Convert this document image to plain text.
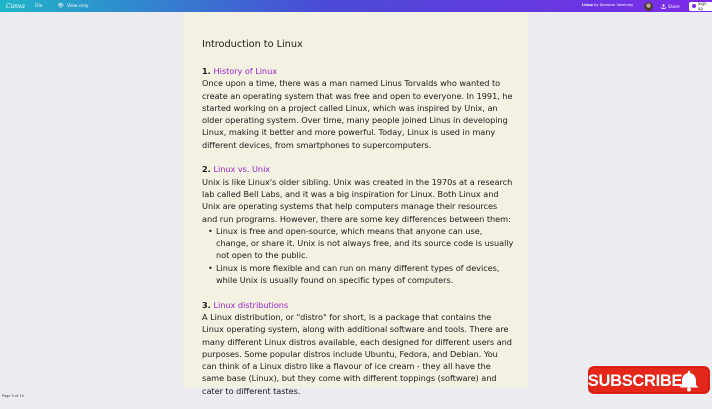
Canva	File	👁 View only	Linux by Devansh Varshney	Share	Sign up
Introduction to Linux
1. History of Linux
Once upon a time, there was a man named Linus Torvalds who wanted to create an operating system that was free and open to everyone. In 1991, he started working on a project called Linux, which was inspired by Unix, an older operating system. Over time, many people joined Linus in developing Linux, making it better and more powerful. Today, Linux is used in many different devices, from smartphones to supercomputers.
2. Linux vs. Unix
Unix is like Linux's older sibling. Unix was created in the 1970s at a research lab called Bell Labs, and it was a big inspiration for Linux. Both Linux and Unix are operating systems that help computers manage their resources and run programs. However, there are some key differences between them:
• Linux is free and open-source, which means that anyone can use, change, or share it. Unix is not always free, and its source code is usually not open to the public.
• Linux is more flexible and can run on many different types of devices, while Unix is usually found on specific types of computers.
3. Linux distributions
A Linux distribution, or "distro" for short, is a package that contains the Linux operating system, along with additional software and tools. There are many different Linux distros available, each designed for different users and purposes. Some popular distros include Ubuntu, Fedora, and Debian. You can think of a Linux distro like a flavour of ice cream - they all have the same base (Linux), but they come with different toppings (software) and cater to different tastes.
Page 5 of 10
SUBSCRIBE
